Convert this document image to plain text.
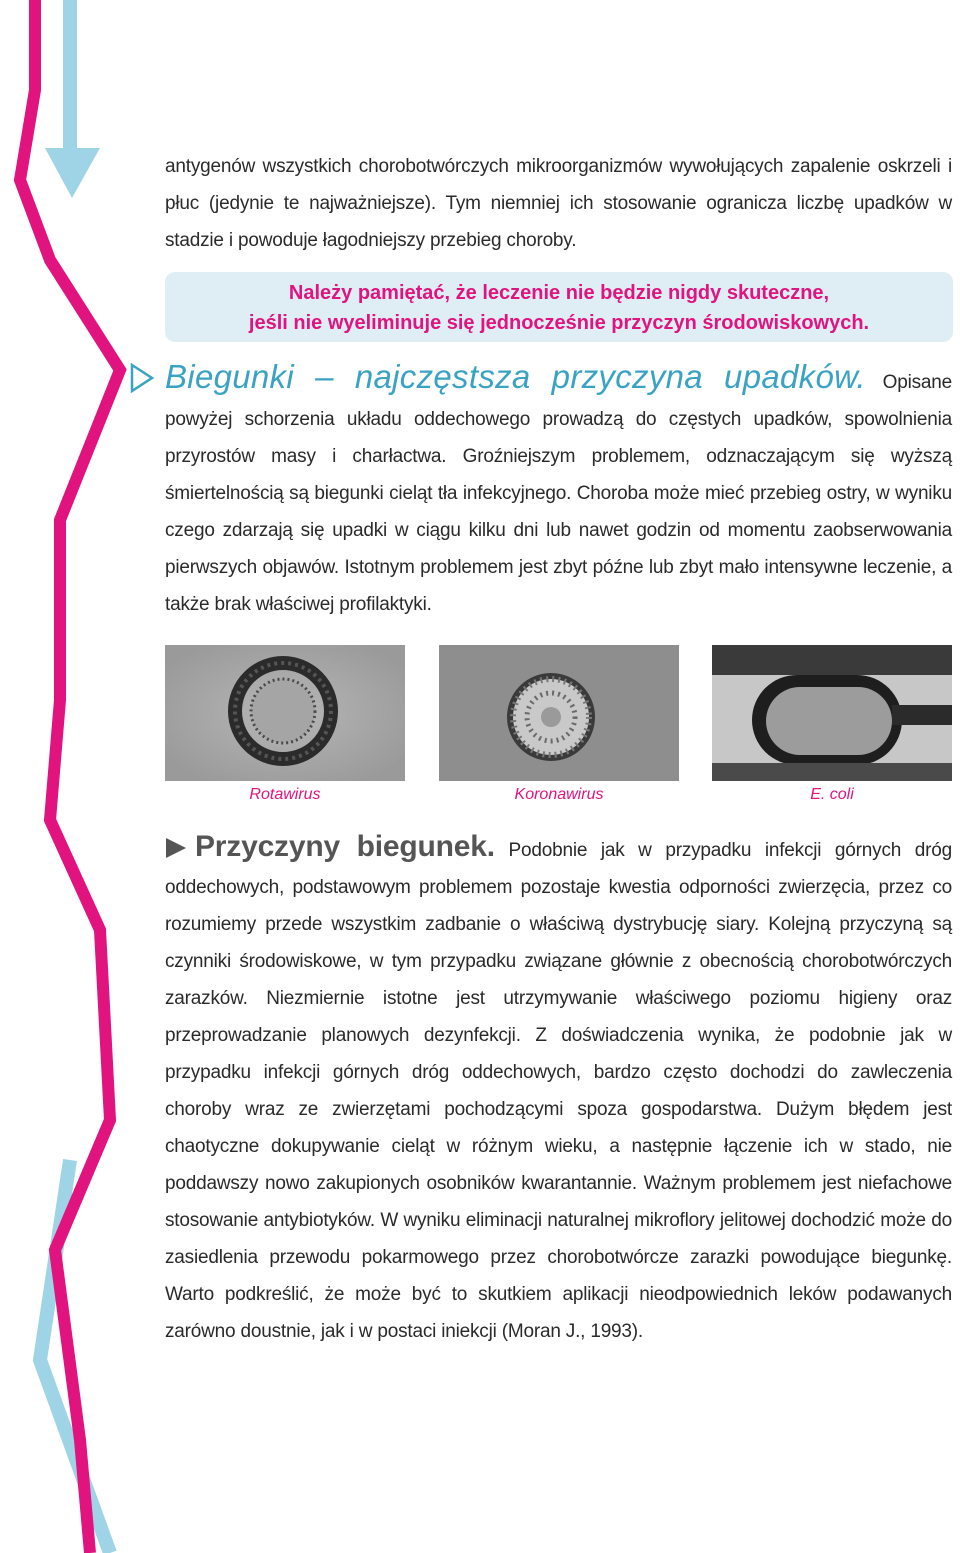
antygenów wszystkich chorobotwórczych mikroorganizmów wywołujących zapalenie oskrzeli i płuc (jedynie te najważniejsze). Tym niemniej ich stosowanie ogranicza liczbę upadków w stadzie i powoduje łagodniejszy przebieg choroby.

Należy pamiętać, że leczenie nie będzie nigdy skuteczne,

jeśli nie wyeliminuje się jednocześnie przyczyn środowiskowych.

Biegunki – najczęstsza przyczyna upadków. Opisane powyżej schorzenia układu oddechowego prowadzą do częstych upadków, spowolnienia przyrostów masy i charłactwa. Groźniejszym problemem, odznaczającym się wyższą śmiertelnością są biegunki cieląt tła infekcyjnego. Choroba może mieć przebieg ostry, w wyniku czego zdarzają się upadki w ciągu kilku dni lub nawet godzin od momentu zaobserwowania pierwszych objawów. Istotnym problemem jest zbyt późne lub zbyt mało intensywne leczenie, a także brak właściwej profilaktyki.

Rotawirus	Koronawirus	E. coli

Przyczyny biegunek. Podobnie jak w przypadku infekcji górnych dróg oddechowych, podstawowym problemem pozostaje kwestia odporności zwierzęcia, przez co rozumiemy przede wszystkim zadbanie o właściwą dystrybucję siary. Kolejną przyczyną są czynniki środowiskowe, w tym przypadku związane głównie z obecnością chorobotwórczych zarazków. Niezmiernie istotne jest utrzymywanie właściwego poziomu higieny oraz przeprowadzanie planowych dezynfekcji. Z doświadczenia wynika, że podobnie jak w przypadku infekcji górnych dróg oddechowych, bardzo często dochodzi do zawleczenia choroby wraz ze zwierzętami pochodzącymi spoza gospodarstwa. Dużym błędem jest chaotyczne dokupywanie cieląt w różnym wieku, a następnie łączenie ich w stado, nie poddawszy nowo zakupionych osobników kwarantannie. Ważnym problemem jest niefachowe stosowanie antybiotyków. W wyniku eliminacji naturalnej mikroflory jelitowej dochodzić może do zasiedlenia przewodu pokarmowego przez chorobotwórcze zarazki powodujące biegunkę. Warto podkreślić, że może być to skutkiem aplikacji nieodpowiednich leków podawanych zarówno doustnie, jak i w postaci iniekcji (Moran J., 1993).
